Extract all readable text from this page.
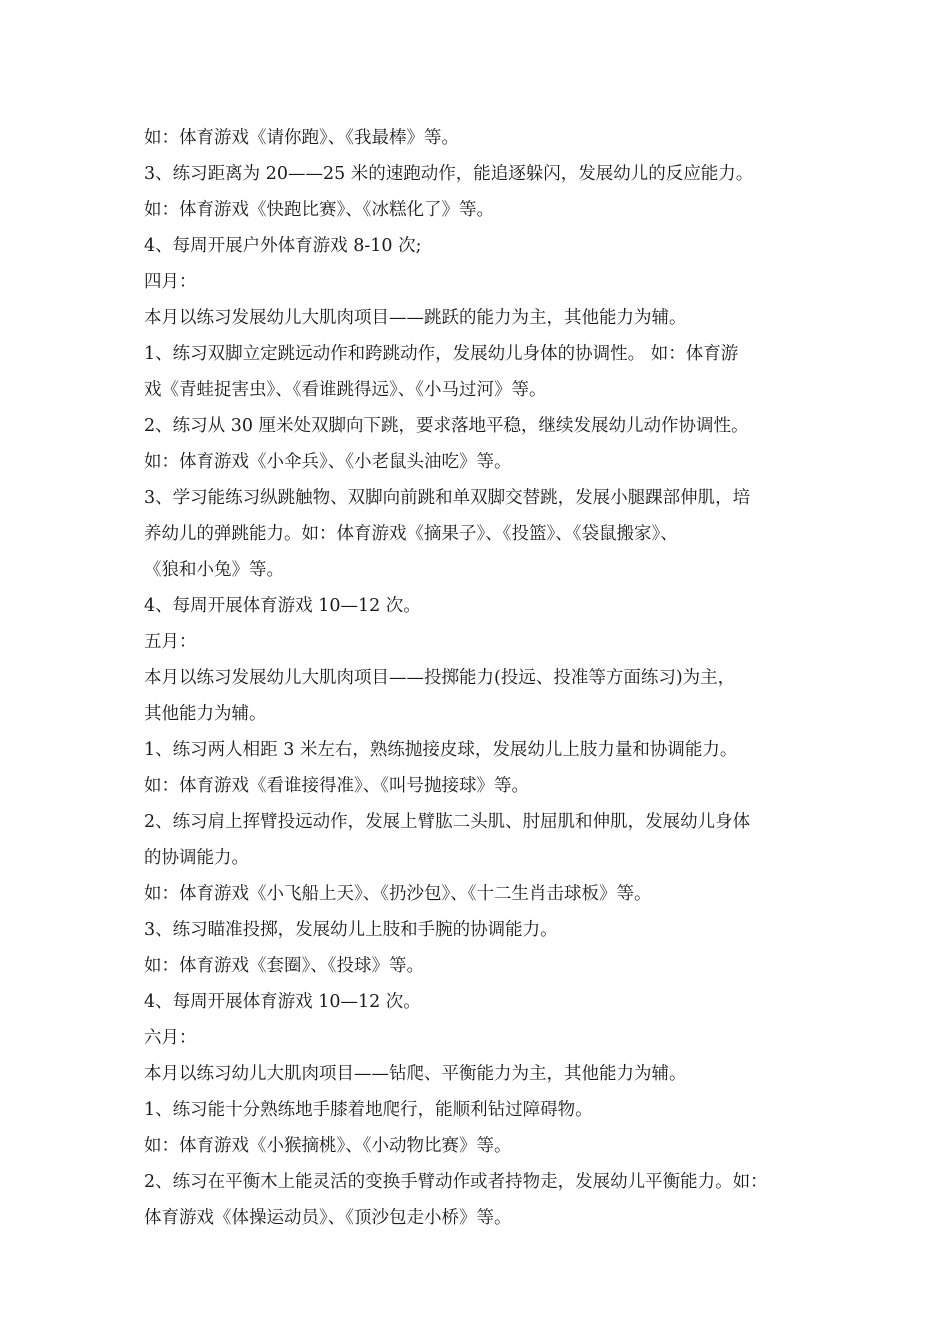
如：体育游戏《请你跑》、《我最棒》等。
3、练习距离为 20——25 米的速跑动作，能追逐躲闪，发展幼儿的反应能力。
如：体育游戏《快跑比赛》、《冰糕化了》等。
4、每周开展户外体育游戏 8-10 次;
四月：
本月以练习发展幼儿大肌肉项目——跳跃的能力为主，其他能力为辅。
1、练习双脚立定跳远动作和跨跳动作，发展幼儿身体的协调性。 如：体育游
戏《青蛙捉害虫》、《看谁跳得远》、《小马过河》等。
2、练习从 30 厘米处双脚向下跳，要求落地平稳，继续发展幼儿动作协调性。
如：体育游戏《小伞兵》、《小老鼠头油吃》等。
3、学习能练习纵跳触物、双脚向前跳和单双脚交替跳，发展小腿踝部伸肌，培
养幼儿的弹跳能力。如：体育游戏《摘果子》、《投篮》、《袋鼠搬家》、
《狼和小兔》等。
4、每周开展体育游戏 10—12 次。
五月：
本月以练习发展幼儿大肌肉项目——投掷能力(投远、投准等方面练习)为主，
其他能力为辅。
1、练习两人相距 3 米左右，熟练抛接皮球，发展幼儿上肢力量和协调能力。
如：体育游戏《看谁接得准》、《叫号抛接球》等。
2、练习肩上挥臂投远动作，发展上臂肱二头肌、肘屈肌和伸肌，发展幼儿身体
的协调能力。
如：体育游戏《小飞船上天》、《扔沙包》、《十二生肖击球板》等。
3、练习瞄准投掷，发展幼儿上肢和手腕的协调能力。
如：体育游戏《套圈》、《投球》等。
4、每周开展体育游戏 10—12 次。
六月：
本月以练习幼儿大肌肉项目——钻爬、平衡能力为主，其他能力为辅。
1、练习能十分熟练地手膝着地爬行，能顺利钻过障碍物。
如：体育游戏《小猴摘桃》、《小动物比赛》等。
2、练习在平衡木上能灵活的变换手臂动作或者持物走，发展幼儿平衡能力。如：
体育游戏《体操运动员》、《顶沙包走小桥》等。
